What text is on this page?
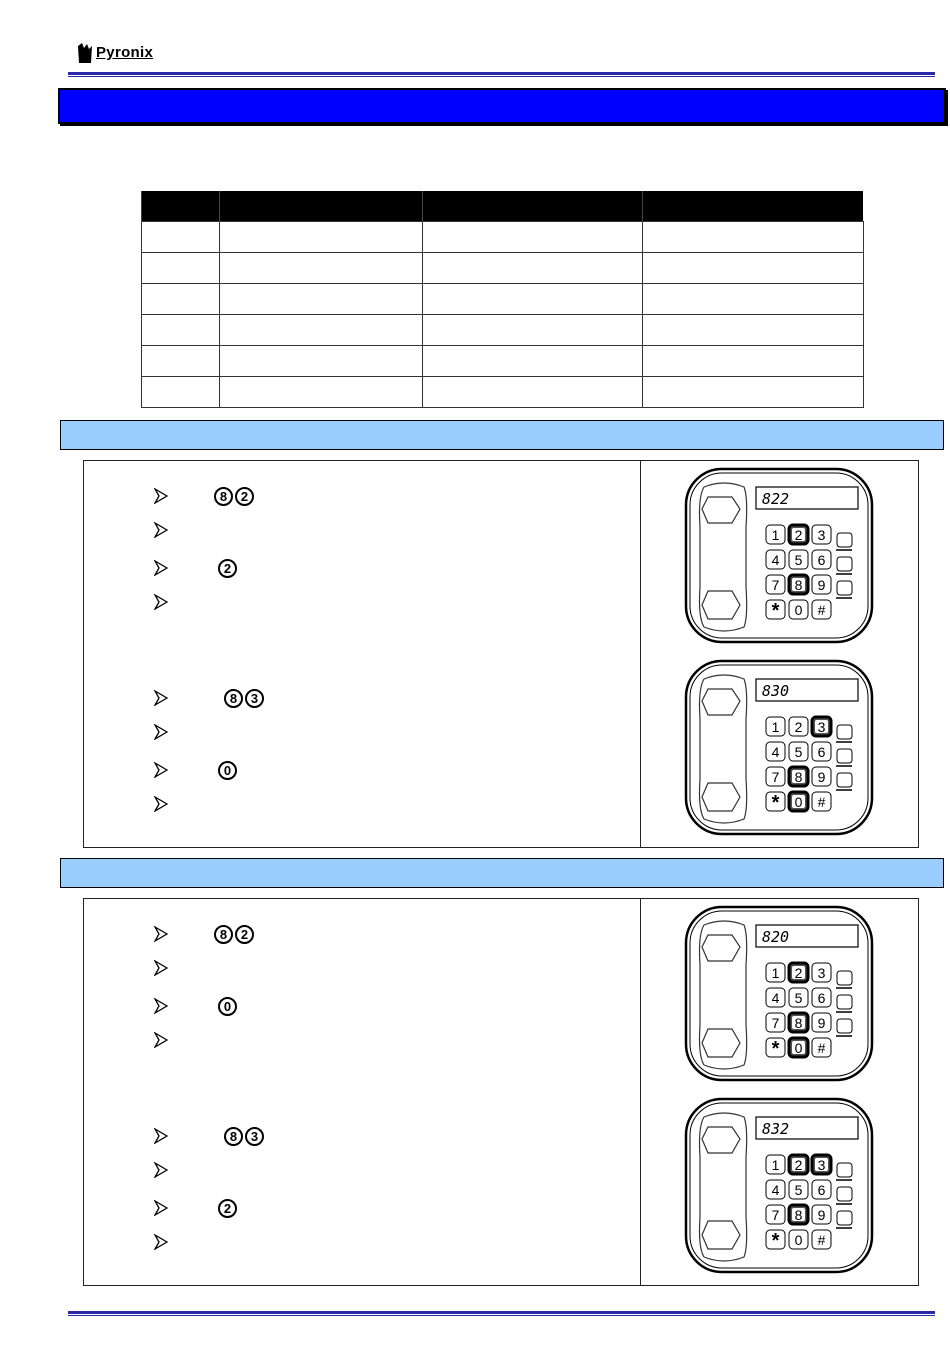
Pyronix

8	2
2
8	3
0
822
1 2 3
4 5 6
7 8 9
* 0 #
830
1 2 3
4 5 6
7 8 9
* 0 #
8	2
0
8	3
2
820
1 2 3
4 5 6
7 8 9
* 0 #
832
1 2 3
4 5 6
7 8 9
* 0 #
